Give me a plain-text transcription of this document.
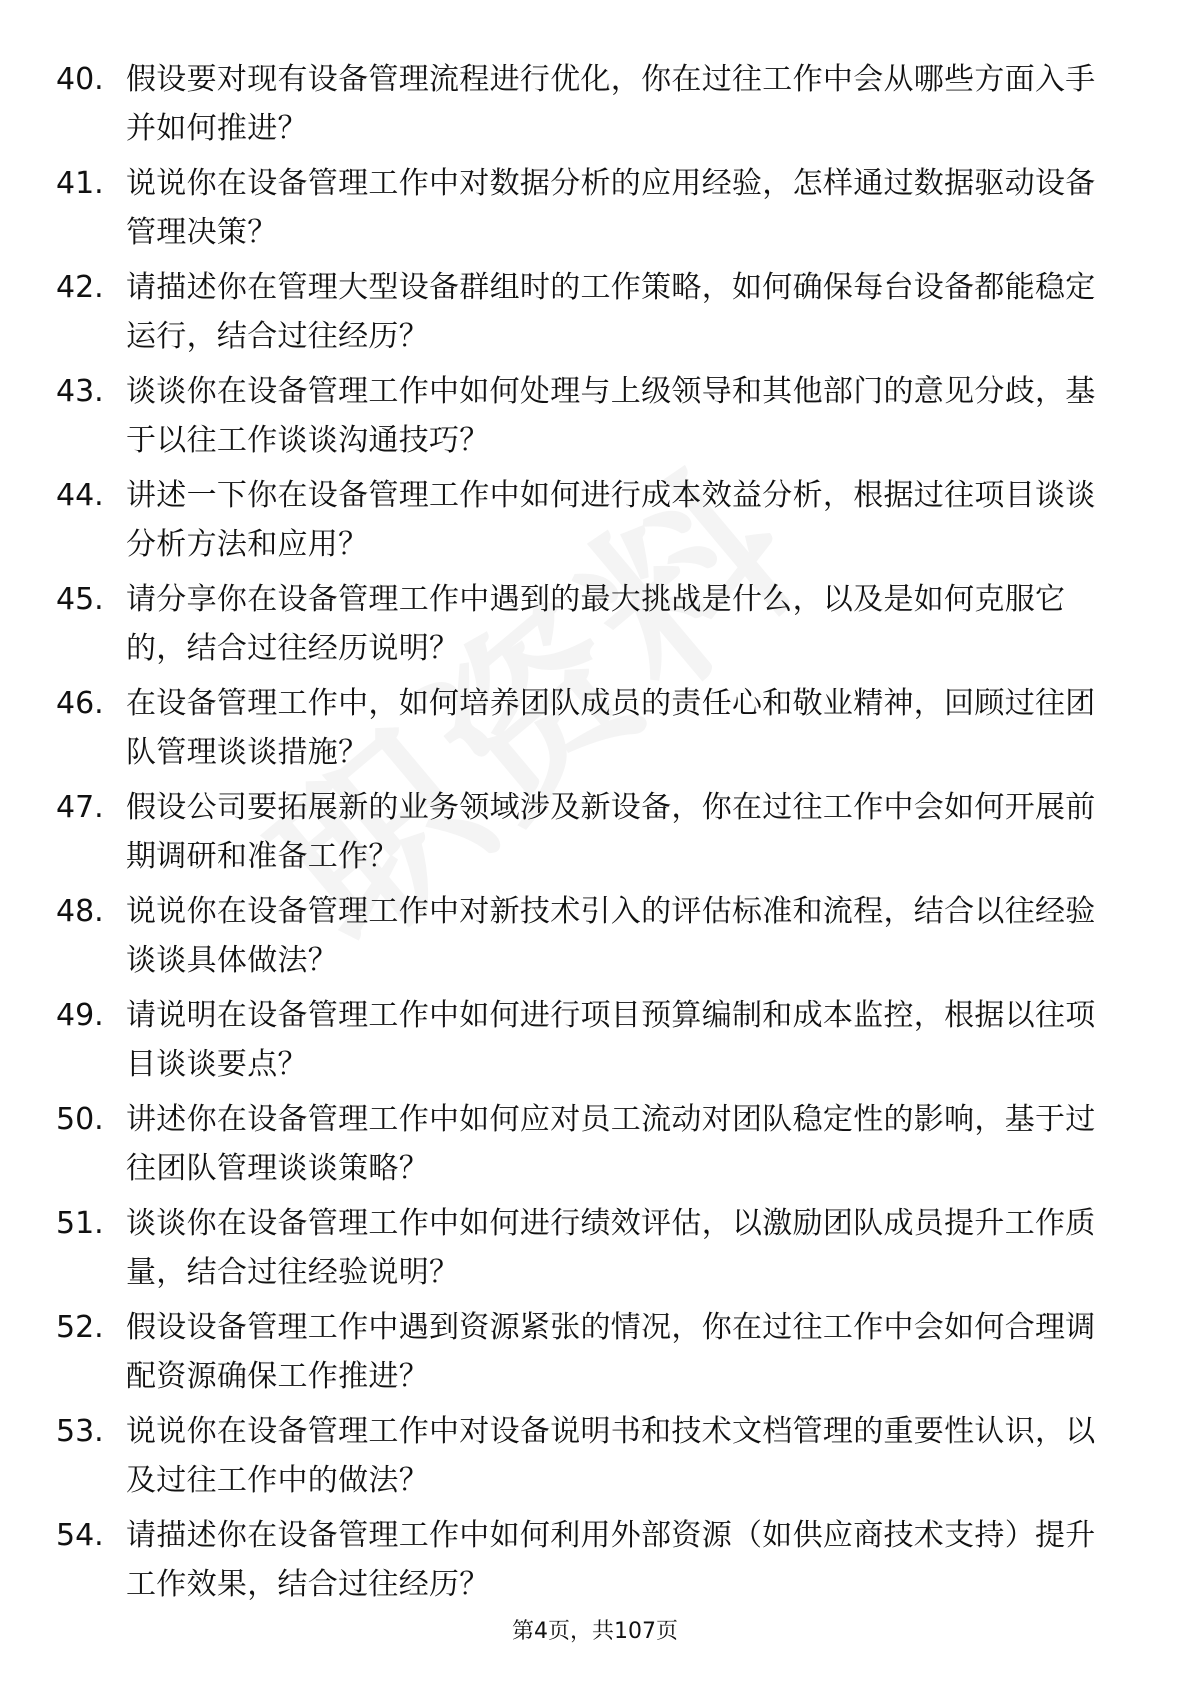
40. 假设要对现有设备管理流程进行优化，你在过往工作中会从哪些方面入手并如何推进？
41. 说说你在设备管理工作中对数据分析的应用经验，怎样通过数据驱动设备管理决策？
42. 请描述你在管理大型设备群组时的工作策略，如何确保每台设备都能稳定运行，结合过往经历？
43. 谈谈你在设备管理工作中如何处理与上级领导和其他部门的意见分歧，基于以往工作谈谈沟通技巧？
44. 讲述一下你在设备管理工作中如何进行成本效益分析，根据过往项目谈谈分析方法和应用？
45. 请分享你在设备管理工作中遇到的最大挑战是什么，以及是如何克服它的，结合过往经历说明？
46. 在设备管理工作中，如何培养团队成员的责任心和敬业精神，回顾过往团队管理谈谈措施？
47. 假设公司要拓展新的业务领域涉及新设备，你在过往工作中会如何开展前期调研和准备工作？
48. 说说你在设备管理工作中对新技术引入的评估标准和流程，结合以往经验谈谈具体做法？
49. 请说明在设备管理工作中如何进行项目预算编制和成本监控，根据以往项目谈谈要点？
50. 讲述你在设备管理工作中如何应对员工流动对团队稳定性的影响，基于过往团队管理谈谈策略？
51. 谈谈你在设备管理工作中如何进行绩效评估，以激励团队成员提升工作质量，结合过往经验说明？
52. 假设设备管理工作中遇到资源紧张的情况，你在过往工作中会如何合理调配资源确保工作推进？
53. 说说你在设备管理工作中对设备说明书和技术文档管理的重要性认识，以及过往工作中的做法？
54. 请描述你在设备管理工作中如何利用外部资源（如供应商技术支持）提升工作效果，结合过往经历？
第4页，共107页
